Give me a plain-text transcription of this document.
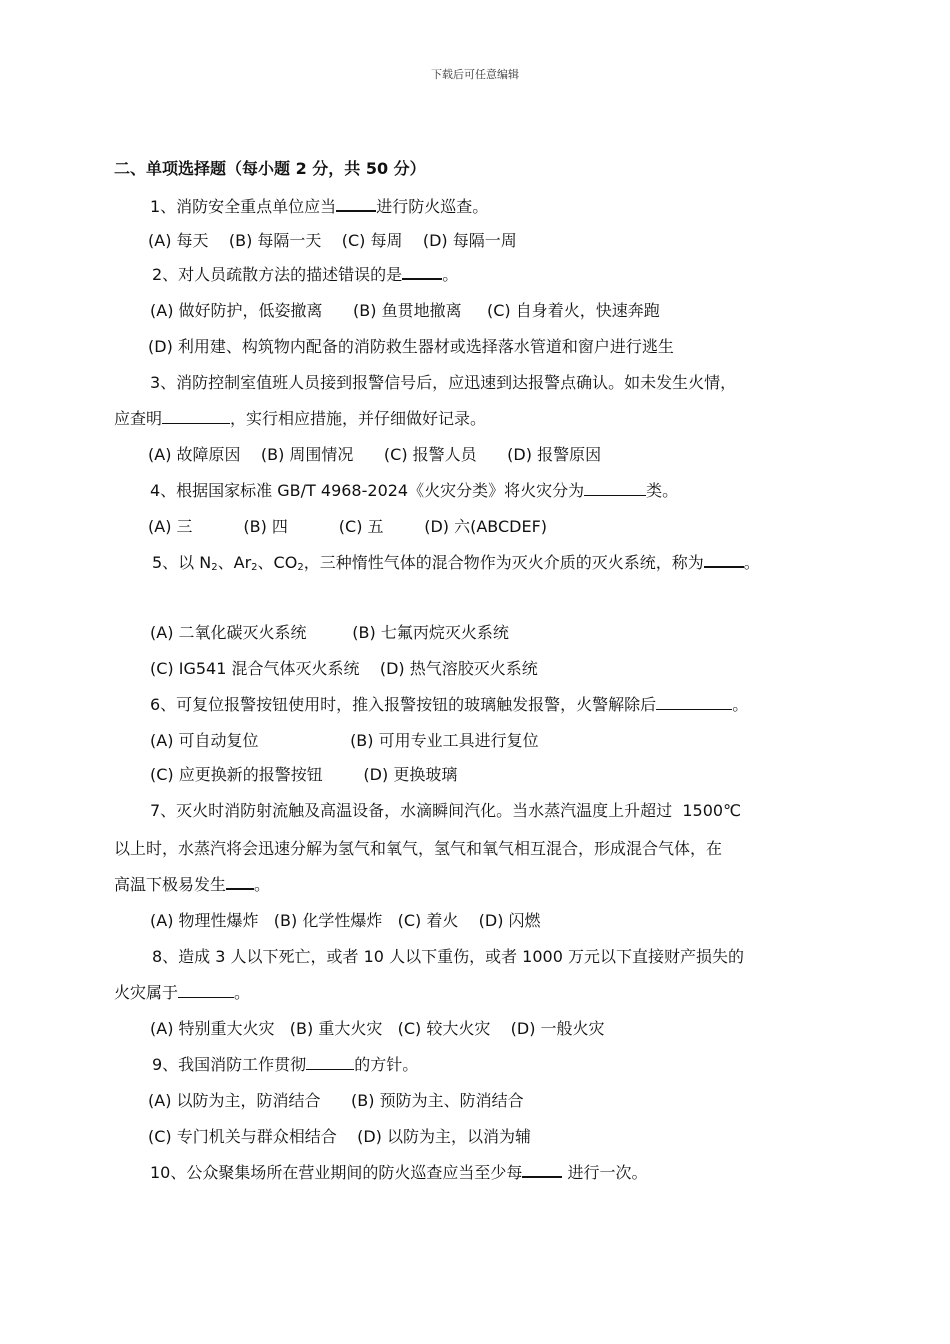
下载后可任意编辑
二、单项选择题（每小题 2 分，共 50 分）
1、消防安全重点单位应当	进行防火巡查。
(A) 每天    (B) 每隔一天    (C) 每周    (D) 每隔一周
2、对人员疏散方法的描述错误的是	。
(A) 做好防护，低姿撤离      (B) 鱼贯地撤离     (C) 自身着火，快速奔跑
(D) 利用建、构筑物内配备的消防救生器材或选择落水管道和窗户进行逃生
3、消防控制室值班人员接到报警信号后，应迅速到达报警点确认。如未发生火情，
应查明	，实行相应措施，并仔细做好记录。
(A) 故障原因    (B) 周围情况      (C) 报警人员      (D) 报警原因
4、根据国家标准 GB/T 4968-2024《火灾分类》将火灾分为	类。
(A) 三          (B) 四          (C) 五        (D) 六(ABCDEF)
5、以 $N_2$、$Ar_2$、$CO_2$，三种惰性气体的混合物作为灭火介质的灭火系统，称为	。
(A) 二氧化碳灭火系统         (B) 七氟丙烷灭火系统
(C) IG541 混合气体灭火系统    (D) 热气溶胶灭火系统
6、可复位报警按钮使用时，推入报警按钮的玻璃触发报警，火警解除后	。
(A) 可自动复位                  (B) 可用专业工具进行复位
(C) 应更换新的报警按钮        (D) 更换玻璃
7、灭火时消防射流触及高温设备，水滴瞬间汽化。当水蒸汽温度上升超过  1500℃
以上时，水蒸汽将会迅速分解为氢气和氧气，氢气和氧气相互混合，形成混合气体，在
高温下极易发生 。
(A) 物理性爆炸   (B) 化学性爆炸   (C) 着火    (D) 闪燃
8、造成 3 人以下死亡，或者 10 人以下重伤，或者 1000 万元以下直接财产损失的
火灾属于	。
(A) 特别重大火灾   (B) 重大火灾   (C) 较大火灾    (D) 一般火灾
9、我国消防工作贯彻	的方针。
(A) 以防为主，防消结合      (B) 预防为主、防消结合
(C) 专门机关与群众相结合    (D) 以防为主，以消为辅
10、公众聚集场所在营业期间的防火巡查应当至少每	进行一次。
